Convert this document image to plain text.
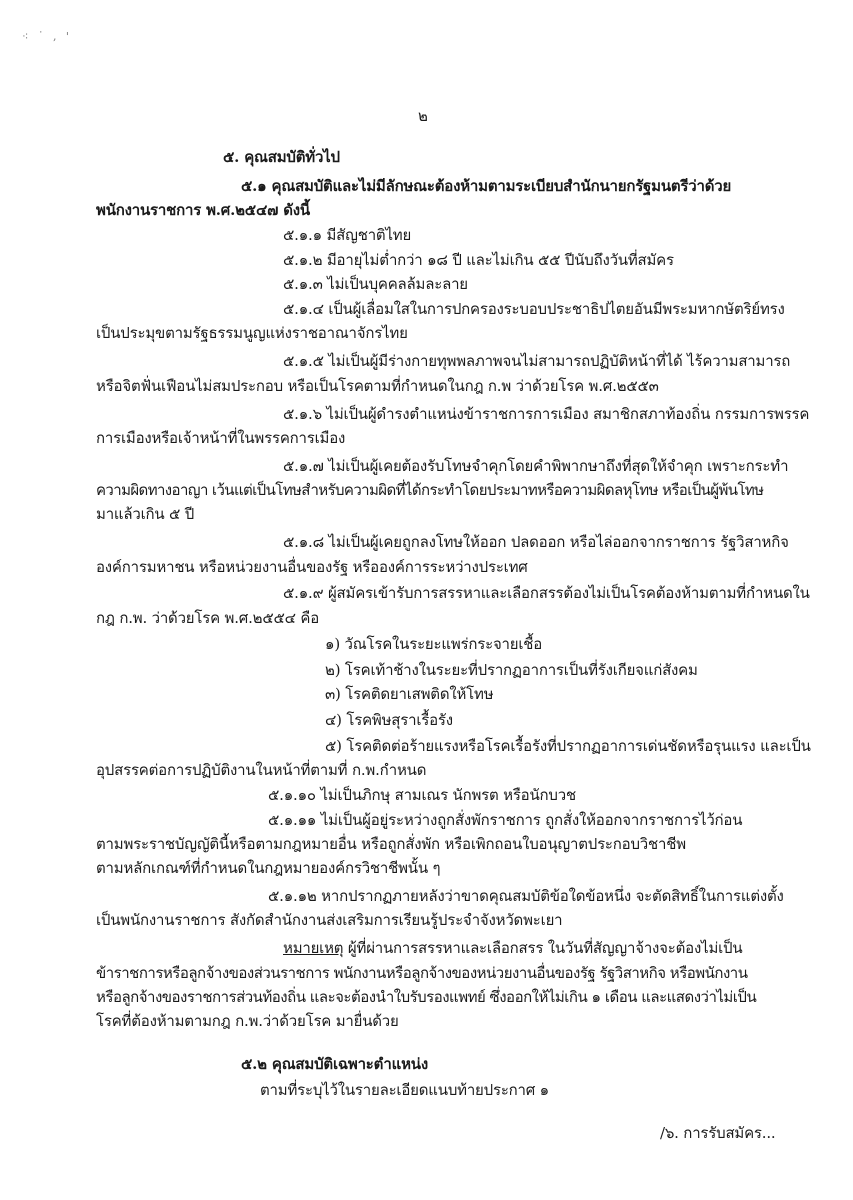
⁖ ˙ , '
๒
๕. คุณสมบัติทั่วไป
๕.๑ คุณสมบัติและไม่มีลักษณะต้องห้ามตามระเบียบสำนักนายกรัฐมนตรีว่าด้วย
พนักงานราชการ พ.ศ.๒๕๔๗ ดังนี้
๕.๑.๑ มีสัญชาติไทย
๕.๑.๒ มีอายุไม่ต่ำกว่า ๑๘ ปี และไม่เกิน ๕๕ ปีนับถึงวันที่สมัคร
๕.๑.๓ ไม่เป็นบุคคลล้มละลาย
๕.๑.๔ เป็นผู้เลื่อมใสในการปกครองระบอบประชาธิปไตยอันมีพระมหากษัตริย์ทรง
เป็นประมุขตามรัฐธรรมนูญแห่งราชอาณาจักรไทย
๕.๑.๕ ไม่เป็นผู้มีร่างกายทุพพลภาพจนไม่สามารถปฏิบัติหน้าที่ได้ ไร้ความสามารถ
หรือจิตฟั่นเฟือนไม่สมประกอบ หรือเป็นโรคตามที่กำหนดในกฎ ก.พ ว่าด้วยโรค พ.ศ.๒๕๕๓
๕.๑.๖ ไม่เป็นผู้ดำรงตำแหน่งข้าราชการการเมือง สมาชิกสภาท้องถิ่น กรรมการพรรค
การเมืองหรือเจ้าหน้าที่ในพรรคการเมือง
๕.๑.๗ ไม่เป็นผู้เคยต้องรับโทษจำคุกโดยคำพิพากษาถึงที่สุดให้จำคุก เพราะกระทำ
ความผิดทางอาญา เว้นแต่เป็นโทษสำหรับความผิดที่ได้กระทำโดยประมาทหรือความผิดลหุโทษ หรือเป็นผู้พ้นโทษ
มาแล้วเกิน ๕ ปี
๕.๑.๘ ไม่เป็นผู้เคยถูกลงโทษให้ออก ปลดออก หรือไล่ออกจากราชการ รัฐวิสาหกิจ
องค์การมหาชน หรือหน่วยงานอื่นของรัฐ หรือองค์การระหว่างประเทศ
๕.๑.๙ ผู้สมัครเข้ารับการสรรหาและเลือกสรรต้องไม่เป็นโรคต้องห้ามตามที่กำหนดใน
กฎ ก.พ. ว่าด้วยโรค พ.ศ.๒๕๕๔ คือ
๑) วัณโรคในระยะแพร่กระจายเชื้อ
๒) โรคเท้าช้างในระยะที่ปรากฏอาการเป็นที่รังเกียจแก่สังคม
๓) โรคติดยาเสพติดให้โทษ
๔) โรคพิษสุราเรื้อรัง
๕) โรคติดต่อร้ายแรงหรือโรคเรื้อรังที่ปรากฏอาการเด่นชัดหรือรุนแรง และเป็น
อุปสรรคต่อการปฏิบัติงานในหน้าที่ตามที่ ก.พ.กำหนด
๕.๑.๑๐ ไม่เป็นภิกษุ สามเณร นักพรต หรือนักบวช
๕.๑.๑๑ ไม่เป็นผู้อยู่ระหว่างถูกสั่งพักราชการ ถูกสั่งให้ออกจากราชการไว้ก่อน
ตามพระราชบัญญัตินี้หรือตามกฎหมายอื่น หรือถูกสั่งพัก หรือเพิกถอนใบอนุญาตประกอบวิชาชีพ
ตามหลักเกณฑ์ที่กำหนดในกฎหมายองค์กรวิชาชีพนั้น ๆ
๕.๑.๑๒ หากปรากฏภายหลังว่าขาดคุณสมบัติข้อใดข้อหนึ่ง จะตัดสิทธิ์ในการแต่งตั้ง
เป็นพนักงานราชการ สังกัดสำนักงานส่งเสริมการเรียนรู้ประจำจังหวัดพะเยา
หมายเหตุ ผู้ที่ผ่านการสรรหาและเลือกสรร ในวันที่สัญญาจ้างจะต้องไม่เป็น
ข้าราชการหรือลูกจ้างของส่วนราชการ พนักงานหรือลูกจ้างของหน่วยงานอื่นของรัฐ รัฐวิสาหกิจ หรือพนักงาน
หรือลูกจ้างของราชการส่วนท้องถิ่น และจะต้องนำใบรับรองแพทย์ ซึ่งออกให้ไม่เกิน ๑ เดือน และแสดงว่าไม่เป็น
โรคที่ต้องห้ามตามกฎ ก.พ.ว่าด้วยโรค มายื่นด้วย
๕.๒ คุณสมบัติเฉพาะตำแหน่ง
ตามที่ระบุไว้ในรายละเอียดแนบท้ายประกาศ ๑
/๖. การรับสมัคร...
